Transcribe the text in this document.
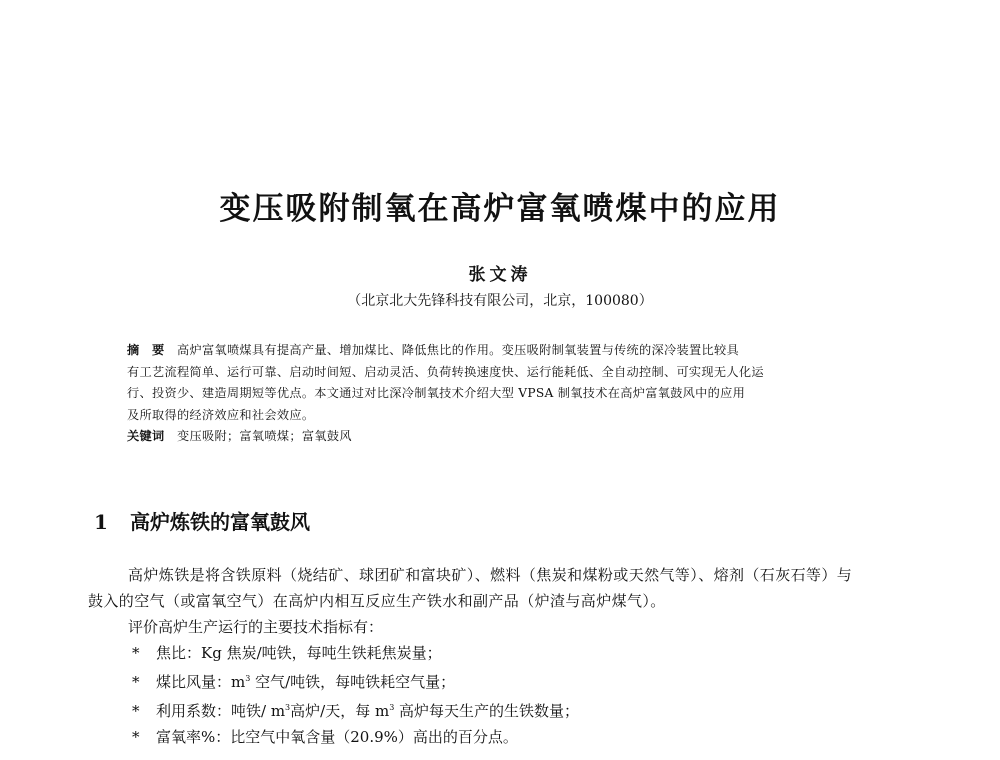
变压吸附制氧在高炉富氧喷煤中的应用
张文涛
（北京北大先锋科技有限公司，北京，100080）
摘　要 高炉富氧喷煤具有提高产量、增加煤比、降低焦比的作用。变压吸附制氧装置与传统的深冷装置比较具
有工艺流程简单、运行可靠、启动时间短、启动灵活、负荷转换速度快、运行能耗低、全自动控制、可实现无人化运
行、投资少、建造周期短等优点。本文通过对比深冷制氧技术介绍大型 VPSA 制氧技术在高炉富氧鼓风中的应用
及所取得的经济效应和社会效应。
关键词 变压吸附；富氧喷煤；富氧鼓风
1 高炉炼铁的富氧鼓风
高炉炼铁是将含铁原料（烧结矿、球团矿和富块矿）、燃料（焦炭和煤粉或天然气等）、熔剂（石灰石等）与
鼓入的空气（或富氧空气）在高炉内相互反应生产铁水和副产品（炉渣与高炉煤气）。
评价高炉生产运行的主要技术指标有：
* 焦比：Kg 焦炭/吨铁，每吨生铁耗焦炭量；
* 煤比风量：$m^3$ 空气/吨铁，每吨铁耗空气量；
* 利用系数：吨铁/ $m^3$高炉/天，每 $m^3$ 高炉每天生产的生铁数量；
* 富氧率%：比空气中氧含量（20.9%）高出的百分点。
